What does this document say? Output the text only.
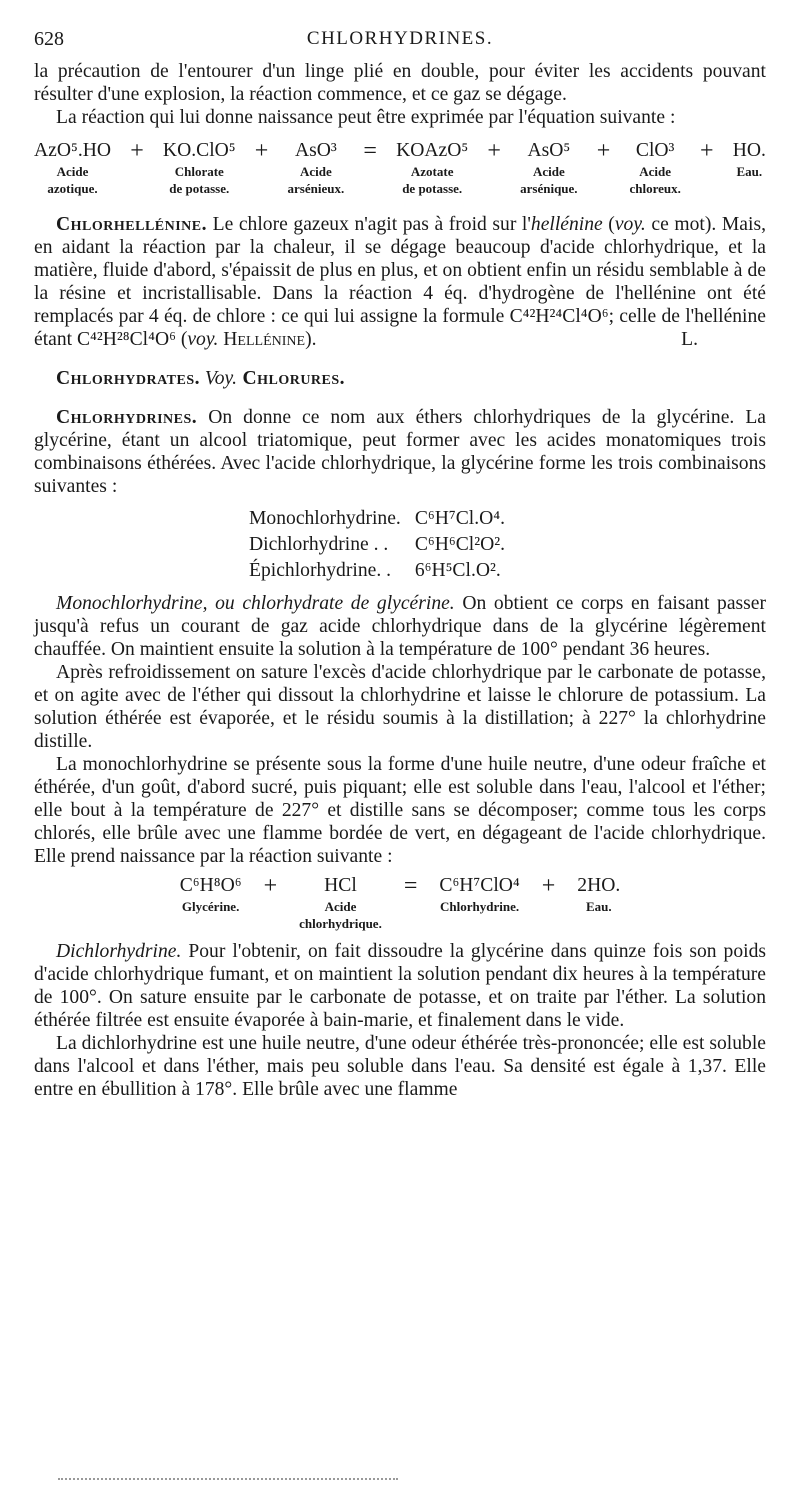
628	CHLORHYDRINES.

la précaution de l'entourer d'un linge plié en double, pour éviter les accidents pouvant résulter d'une explosion, la réaction commence, et ce gaz se dégage.

La réaction qui lui donne naissance peut être exprimée par l'équation suivante :

AzO⁵.HO
Acide
azotique.
+ KO.ClO⁵
Chlorate
de potasse.
+ AsO³
Acide
arsénieux.
= KOAzO⁵
Azotate
de potasse.
+ AsO⁵
Acide
arsénique.
+ ClO³
Acide
chloreux.
+ HO.
Eau.

Chlorhellénine. Le chlore gazeux n'agit pas à froid sur l'hellénine (voy. ce mot). Mais, en aidant la réaction par la chaleur, il se dégage beaucoup d'acide chlorhydrique, et la matière, fluide d'abord, s'épaissit de plus en plus, et on obtient enfin un résidu semblable à de la résine et incristallisable. Dans la réaction 4 éq. d'hydrogène de l'hellénine ont été remplacés par 4 éq. de chlore : ce qui lui assigne la formule C⁴²H²⁴Cl⁴O⁶; celle de l'hellénine étant C⁴²H²⁸Cl⁴O⁶ (voy. Hellénine).	L.

Chlorhydrates. Voy. Chlorures.

Chlorhydrines. On donne ce nom aux éthers chlorhydriques de la glycérine. La glycérine, étant un alcool triatomique, peut former avec les acides monatomiques trois combinaisons éthérées. Avec l'acide chlorhydrique, la glycérine forme les trois combinaisons suivantes :

Monochlorhydrine.	C⁶H⁷Cl.O⁴.
Dichlorhydrine . .	C⁶H⁶Cl²O².
Épichlorhydrine. .	6⁶H⁵Cl.O².

Monochlorhydrine, ou chlorhydrate de glycérine. On obtient ce corps en faisant passer jusqu'à refus un courant de gaz acide chlorhydrique dans de la glycérine légèrement chauffée. On maintient ensuite la solution à la température de 100° pendant 36 heures.

Après refroidissement on sature l'excès d'acide chlorhydrique par le carbonate de potasse, et on agite avec de l'éther qui dissout la chlorhydrine et laisse le chlorure de potassium. La solution éthérée est évaporée, et le résidu soumis à la distillation; à 227° la chlorhydrine distille.

La monochlorhydrine se présente sous la forme d'une huile neutre, d'une odeur fraîche et éthérée, d'un goût, d'abord sucré, puis piquant; elle est soluble dans l'eau, l'alcool et l'éther; elle bout à la température de 227° et distille sans se décomposer; comme tous les corps chlorés, elle brûle avec une flamme bordée de vert, en dégageant de l'acide chlorhydrique. Elle prend naissance par la réaction suivante :

C⁶H⁸O⁶
Glycérine.
+ HCl
Acide
chlorhydrique.
= C⁶H⁷ClO⁴
Chlorhydrine.
+ 2HO.
Eau.

Dichlorhydrine. Pour l'obtenir, on fait dissoudre la glycérine dans quinze fois son poids d'acide chlorhydrique fumant, et on maintient la solution pendant dix heures à la température de 100°. On sature ensuite par le carbonate de potasse, et on traite par l'éther. La solution éthérée filtrée est ensuite évaporée à bain-marie, et finalement dans le vide.

La dichlorhydrine est une huile neutre, d'une odeur éthérée très-prononcée; elle est soluble dans l'alcool et dans l'éther, mais peu soluble dans l'eau. Sa densité est égale à 1,37. Elle entre en ébullition à 178°. Elle brûle avec une flamme
